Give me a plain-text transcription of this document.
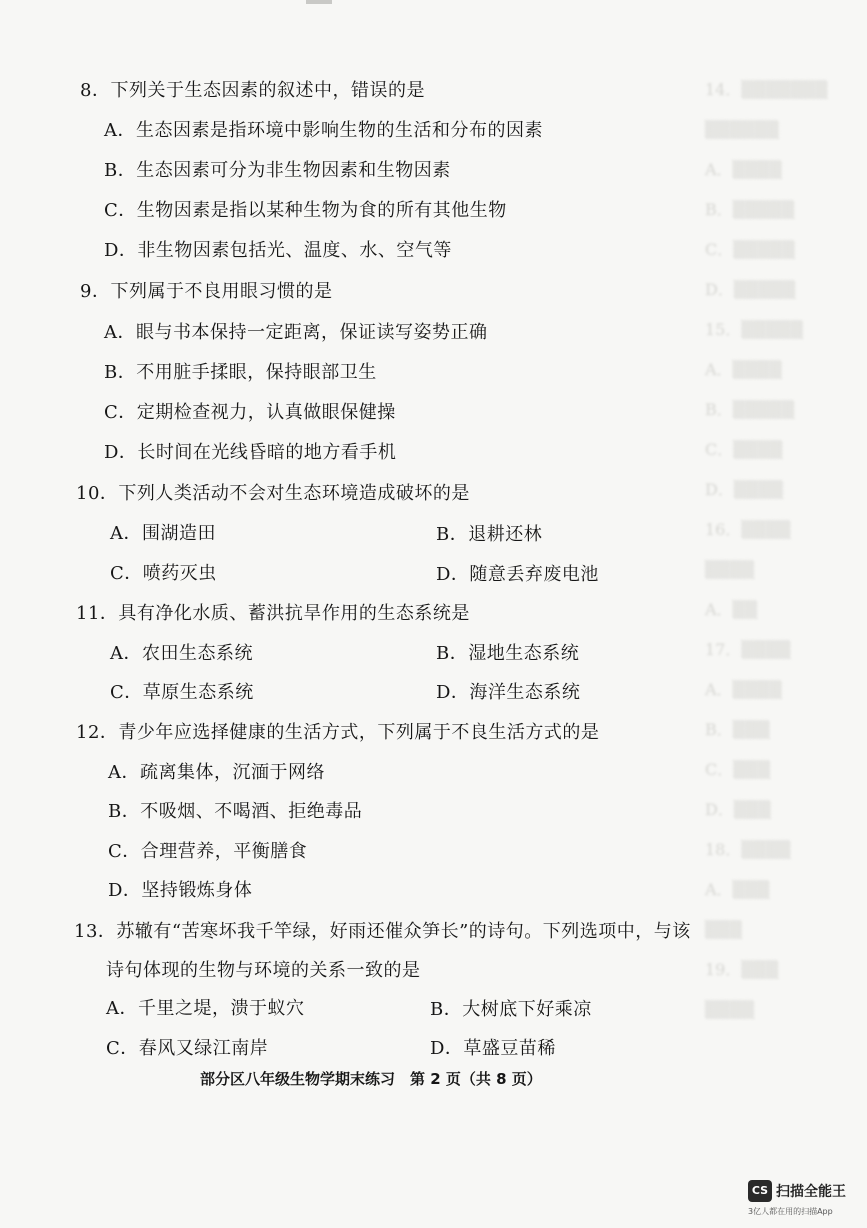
14．▒▒▒▒▒▒▒
▒▒▒▒▒▒
A．▒▒▒▒
B．▒▒▒▒▒
C．▒▒▒▒▒
D．▒▒▒▒▒
15．▒▒▒▒▒
A．▒▒▒▒
B．▒▒▒▒▒
C．▒▒▒▒
D．▒▒▒▒
16．▒▒▒▒
▒▒▒▒
A．▒▒
17．▒▒▒▒
A．▒▒▒▒
B．▒▒▒
C．▒▒▒
D．▒▒▒
18．▒▒▒▒
A．▒▒▒
▒▒▒
19．▒▒▒
▒▒▒▒
8．下列关于生态因素的叙述中，错误的是
A．生态因素是指环境中影响生物的生活和分布的因素
B．生态因素可分为非生物因素和生物因素
C．生物因素是指以某种生物为食的所有其他生物
D．非生物因素包括光、温度、水、空气等
9．下列属于不良用眼习惯的是
A．眼与书本保持一定距离，保证读写姿势正确
B．不用脏手揉眼，保持眼部卫生
C．定期检查视力，认真做眼保健操
D．长时间在光线昏暗的地方看手机
10．下列人类活动不会对生态环境造成破坏的是
A．围湖造田	B．退耕还林
C．喷药灭虫	D．随意丢弃废电池
11．具有净化水质、蓄洪抗旱作用的生态系统是
A．农田生态系统	B．湿地生态系统
C．草原生态系统	D．海洋生态系统
12．青少年应选择健康的生活方式，下列属于不良生活方式的是
A．疏离集体，沉湎于网络
B．不吸烟、不喝酒、拒绝毒品
C．合理营养，平衡膳食
D．坚持锻炼身体
13．苏辙有“苦寒坏我千竿绿，好雨还催众笋长”的诗句。下列选项中，与该
诗句体现的生物与环境的关系一致的是
A．千里之堤，溃于蚁穴	B．大树底下好乘凉
C．春风又绿江南岸	D．草盛豆苗稀
部分区八年级生物学期末练习　第 2 页（共 8 页）
CS 扫描全能王
3亿人都在用的扫描App
